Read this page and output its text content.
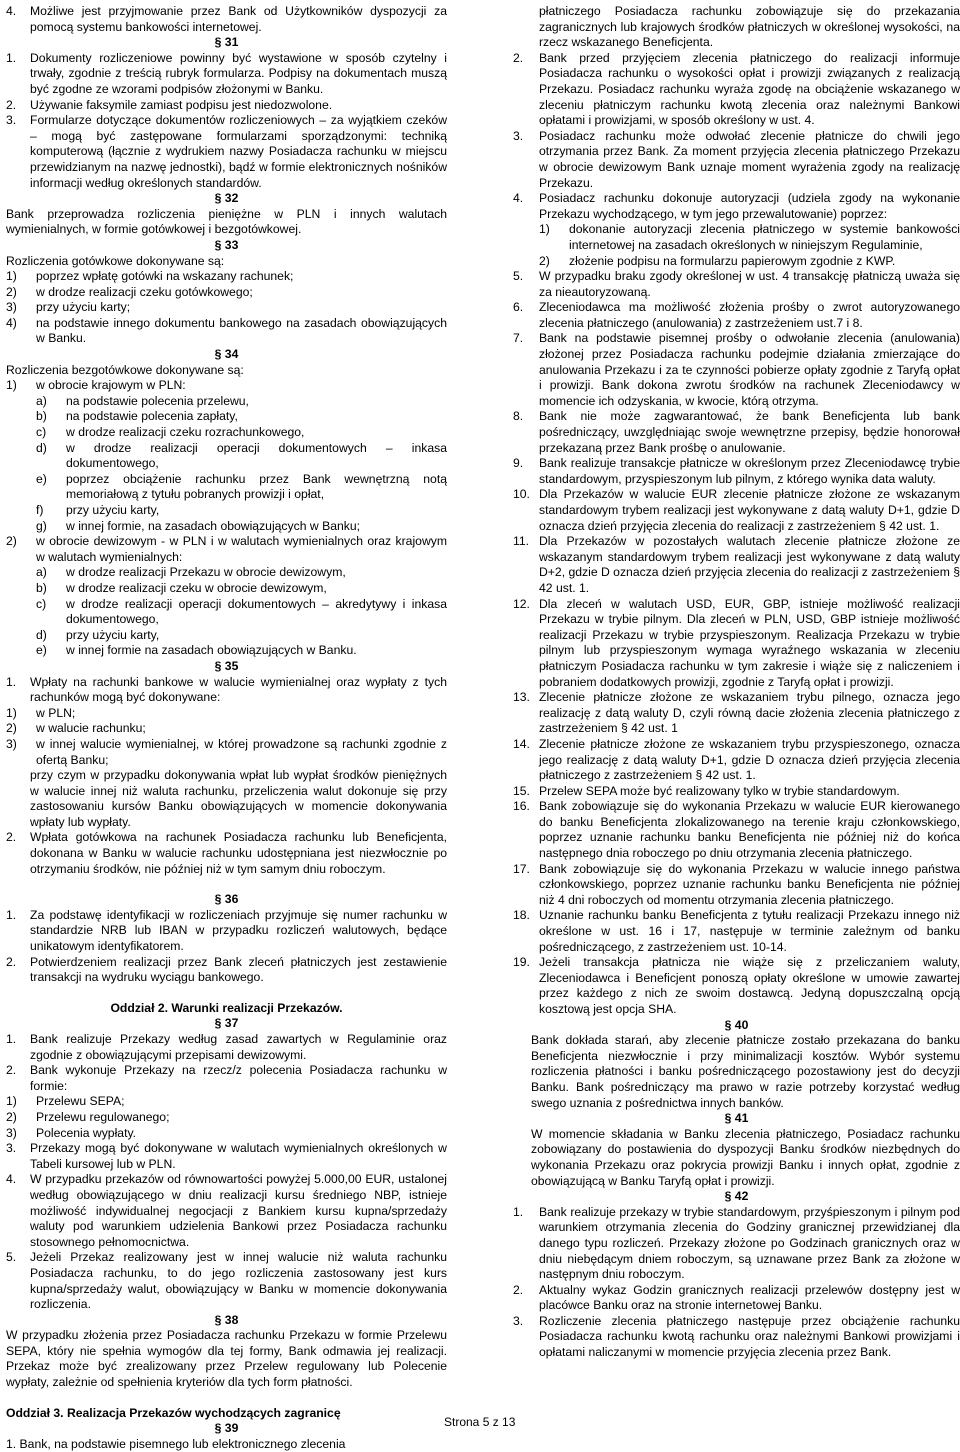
4.	Możliwe jest przyjmowanie przez Bank od Użytkowników dyspozycji za pomocą systemu bankowości internetowej.

§ 31

1.	Dokumenty rozliczeniowe powinny być wystawione w sposób czytelny i trwały, zgodnie z treścią rubryk formularza. Podpisy na dokumentach muszą być zgodne ze wzorami podpisów złożonymi w Banku.
2.	Używanie faksymile zamiast podpisu jest niedozwolone.
3.	Formularze dotyczące dokumentów rozliczeniowych – za wyjątkiem czeków – mogą być zastępowane formularzami sporządzonymi: techniką komputerową (łącznie z wydrukiem nazwy Posiadacza rachunku w miejscu przewidzianym na nazwę jednostki), bądź w formie elektronicznych nośników informacji według określonych standardów.

§ 32

Bank przeprowadza rozliczenia pieniężne w PLN i innych walutach wymienialnych, w formie gotówkowej i bezgotówkowej.

§ 33

Rozliczenia gotówkowe dokonywane są:

1)	poprzez wpłatę gotówki na wskazany rachunek;
2)	w drodze realizacji czeku gotówkowego;
3)	przy użyciu karty;
4)	na podstawie innego dokumentu bankowego na zasadach obowiązujących w Banku.

§ 34

Rozliczenia bezgotówkowe dokonywane są:

1)	w obrocie krajowym w PLN:
a)	na podstawie polecenia przelewu,
b)	na podstawie polecenia zapłaty,
c)	w drodze realizacji czeku rozrachunkowego,
d)	w drodze realizacji operacji dokumentowych – inkasa dokumentowego,
e)	poprzez obciążenie rachunku przez Bank wewnętrzną notą memoriałową z tytułu pobranych prowizji i opłat,
f)	przy użyciu karty,
g)	w innej formie, na zasadach obowiązujących w Banku;
2)	w obrocie dewizowym - w PLN i w walutach wymienialnych oraz krajowym w walutach wymienialnych:
a)	w drodze realizacji Przekazu w obrocie dewizowym,
b)	w drodze realizacji czeku w obrocie dewizowym,
c)	w drodze realizacji operacji dokumentowych – akredytywy i inkasa dokumentowego,
d)	przy użyciu karty,
e)	w innej formie na zasadach obowiązujących w Banku.

§ 35

1.	Wpłaty na rachunki bankowe w walucie wymienialnej oraz wypłaty z tych rachunków mogą być dokonywane:
1)	w PLN;
2)	w walucie rachunku;
3)	w innej walucie wymienialnej, w której prowadzone są rachunki zgodnie z ofertą Banku;

przy czym w przypadku dokonywania wpłat lub wypłat środków pieniężnych w walucie innej niż waluta rachunku, przeliczenia walut dokonuje się przy zastosowaniu kursów Banku obowiązujących w momencie dokonywania wpłaty lub wypłaty.

2.	Wpłata gotówkowa na rachunek Posiadacza rachunku lub Beneficjenta, dokonana w Banku w walucie rachunku udostępniana jest niezwłocznie po otrzymaniu środków, nie później niż w tym samym dniu roboczym.

§ 36

1.	Za podstawę identyfikacji w rozliczeniach przyjmuje się numer rachunku w standardzie NRB lub IBAN w przypadku rozliczeń walutowych, będące unikatowym identyfikatorem.
2.	Potwierdzeniem realizacji przez Bank zleceń płatniczych jest zestawienie transakcji na wydruku wyciągu bankowego.

Oddział 2. Warunki realizacji Przekazów.

§ 37

1.	Bank realizuje Przekazy według zasad zawartych w Regulaminie oraz zgodnie z obowiązującymi przepisami dewizowymi.
2.	Bank wykonuje Przekazy na rzecz/z polecenia Posiadacza rachunku w formie:
1)	Przelewu SEPA;
2)	Przelewu regulowanego;
3)	Polecenia wypłaty.
3.	Przekazy mogą być dokonywane w walutach wymienialnych określonych w Tabeli kursowej lub w PLN.
4.	W przypadku przekazów od równowartości powyżej 5.000,00 EUR, ustalonej według obowiązującego w dniu realizacji kursu średniego NBP, istnieje możliwość indywidualnej negocjacji z Bankiem kursu kupna/sprzedaży waluty pod warunkiem udzielenia Bankowi przez Posiadacza rachunku stosownego pełnomocnictwa.
5.	Jeżeli Przekaz realizowany jest w innej walucie niż waluta rachunku Posiadacza rachunku, to do jego rozliczenia zastosowany jest kurs kupna/sprzedaży walut, obowiązujący w Banku w momencie dokonywania rozliczenia.

§ 38

W przypadku złożenia przez Posiadacza rachunku Przekazu w formie Przelewu SEPA, który nie spełnia wymogów dla tej formy, Bank odmawia jej realizacji. Przekaz może być zrealizowany przez Przelew regulowany lub Polecenie wypłaty, zależnie od spełnienia kryteriów dla tych form płatności.

Oddział 3. Realizacja Przekazów wychodzących zagranicę

§ 39

1. Bank, na podstawie pisemnego lub elektronicznego zlecenia

płatniczego Posiadacza rachunku zobowiązuje się do przekazania zagranicznych lub krajowych środków płatniczych w określonej wysokości, na rzecz wskazanego Beneficjenta.

2.	Bank przed przyjęciem zlecenia płatniczego do realizacji informuje Posiadacza rachunku o wysokości opłat i prowizji związanych z realizacją Przekazu. Posiadacz rachunku wyraża zgodę na obciążenie wskazanego w zleceniu płatniczym rachunku kwotą zlecenia oraz należnymi Bankowi opłatami i prowizjami, w sposób określony w ust. 4.
3.	Posiadacz rachunku może odwołać zlecenie płatnicze do chwili jego otrzymania przez Bank. Za moment przyjęcia zlecenia płatniczego Przekazu w obrocie dewizowym Bank uznaje moment wyrażenia zgody na realizację Przekazu.
4.	Posiadacz rachunku dokonuje autoryzacji (udziela zgody na wykonanie Przekazu wychodzącego, w tym jego przewalutowanie) poprzez:
1)	dokonanie autoryzacji zlecenia płatniczego w systemie bankowości internetowej na zasadach określonych w niniejszym Regulaminie,
2)	złożenie podpisu na formularzu papierowym zgodnie z KWP.
5.	W przypadku braku zgody określonej w ust. 4 transakcję płatniczą uważa się za nieautoryzowaną.
6.	Zleceniodawca ma możliwość złożenia prośby o zwrot autoryzowanego zlecenia płatniczego (anulowania) z zastrzeżeniem ust.7 i 8.
7.	Bank na podstawie pisemnej prośby o odwołanie zlecenia (anulowania) złożonej przez Posiadacza rachunku podejmie działania zmierzające do anulowania Przekazu i za te czynności pobierze opłaty zgodnie z Taryfą opłat i prowizji. Bank dokona zwrotu środków na rachunek Zleceniodawcy w momencie ich odzyskania, w kwocie, którą otrzyma.
8.	Bank nie może zagwarantować, że bank Beneficjenta lub bank pośredniczący, uwzględniając swoje wewnętrzne przepisy, będzie honorował przekazaną przez Bank prośbę o anulowanie.
9.	Bank realizuje transakcje płatnicze w określonym przez Zleceniodawcę trybie standardowym, przyspieszonym lub pilnym, z którego wynika data waluty.
10. Dla Przekazów w walucie EUR zlecenie płatnicze złożone ze wskazanym standardowym trybem realizacji jest wykonywane z datą waluty D+1, gdzie D oznacza dzień przyjęcia zlecenia do realizacji z zastrzeżeniem § 42 ust. 1.
11. Dla Przekazów w pozostałych walutach zlecenie płatnicze złożone ze wskazanym standardowym trybem realizacji jest wykonywane z datą waluty D+2, gdzie D oznacza dzień przyjęcia zlecenia do realizacji z zastrzeżeniem § 42 ust. 1.
12. Dla zleceń w walutach USD, EUR, GBP, istnieje możliwość realizacji Przekazu w trybie pilnym. Dla zleceń w PLN, USD, GBP istnieje możliwość realizacji Przekazu w trybie przyspieszonym. Realizacja Przekazu w trybie pilnym lub przyspieszonym wymaga wyraźnego wskazania w zleceniu płatniczym Posiadacza rachunku w tym zakresie i wiąże się z naliczeniem i pobraniem dodatkowych prowizji, zgodnie z Taryfą opłat i prowizji.
13. Zlecenie płatnicze złożone ze wskazaniem trybu pilnego, oznacza jego realizację z datą waluty D, czyli równą dacie złożenia zlecenia płatniczego z zastrzeżeniem § 42 ust. 1
14. Zlecenie płatnicze złożone ze wskazaniem trybu przyspieszonego, oznacza jego realizację z datą waluty D+1, gdzie D oznacza dzień przyjęcia zlecenia płatniczego z zastrzeżeniem § 42 ust. 1.
15. Przelew SEPA może być realizowany tylko w trybie standardowym.
16. Bank zobowiązuje się do wykonania Przekazu w walucie EUR kierowanego do banku Beneficjenta zlokalizowanego na terenie kraju członkowskiego, poprzez uznanie rachunku banku Beneficjenta nie później niż do końca następnego dnia roboczego po dniu otrzymania zlecenia płatniczego.
17. Bank zobowiązuje się do wykonania Przekazu w walucie innego państwa członkowskiego, poprzez uznanie rachunku banku Beneficjenta nie później niż 4 dni roboczych od momentu otrzymania zlecenia płatniczego.
18. Uznanie rachunku banku Beneficjenta z tytułu realizacji Przekazu innego niż określone w ust. 16 i 17, następuje w terminie zależnym od banku pośredniczącego, z zastrzeżeniem ust. 10-14.
19. Jeżeli transakcja płatnicza nie wiąże się z przeliczaniem waluty, Zleceniodawca i Beneficjent ponoszą opłaty określone w umowie zawartej przez każdego z nich ze swoim dostawcą. Jedyną dopuszczalną opcją kosztową jest opcja SHA.

§ 40

Bank dokłada starań, aby zlecenie płatnicze zostało przekazana do banku Beneficjenta niezwłocznie i przy minimalizacji kosztów. Wybór systemu rozliczenia płatności i banku pośredniczącego pozostawiony jest do decyzji Banku. Bank pośredniczący ma prawo w razie potrzeby korzystać według swego uznania z pośrednictwa innych banków.

§ 41

W momencie składania w Banku zlecenia płatniczego, Posiadacz rachunku zobowiązany do postawienia do dyspozycji Banku środków niezbędnych do wykonania Przekazu oraz pokrycia prowizji Banku i innych opłat, zgodnie z obowiązującą w Banku Taryfą opłat i prowizji.

§ 42

1.	Bank realizuje przekazy w trybie standardowym, przyśpieszonym i pilnym pod warunkiem otrzymania zlecenia do Godziny granicznej przewidzianej dla danego typu rozliczeń. Przekazy złożone po Godzinach granicznych oraz w dniu niebędącym dniem roboczym, są uznawane przez Bank za złożone w następnym dniu roboczym.
2.	Aktualny wykaz Godzin granicznych realizacji przelewów dostępny jest w placówce Banku oraz na stronie internetowej Banku.
3.	Rozliczenie zlecenia płatniczego następuje przez obciążenie rachunku Posiadacza rachunku kwotą rachunku oraz należnymi Bankowi prowizjami i opłatami naliczanymi w momencie przyjęcia zlecenia przez Bank.
Strona 5 z 13
